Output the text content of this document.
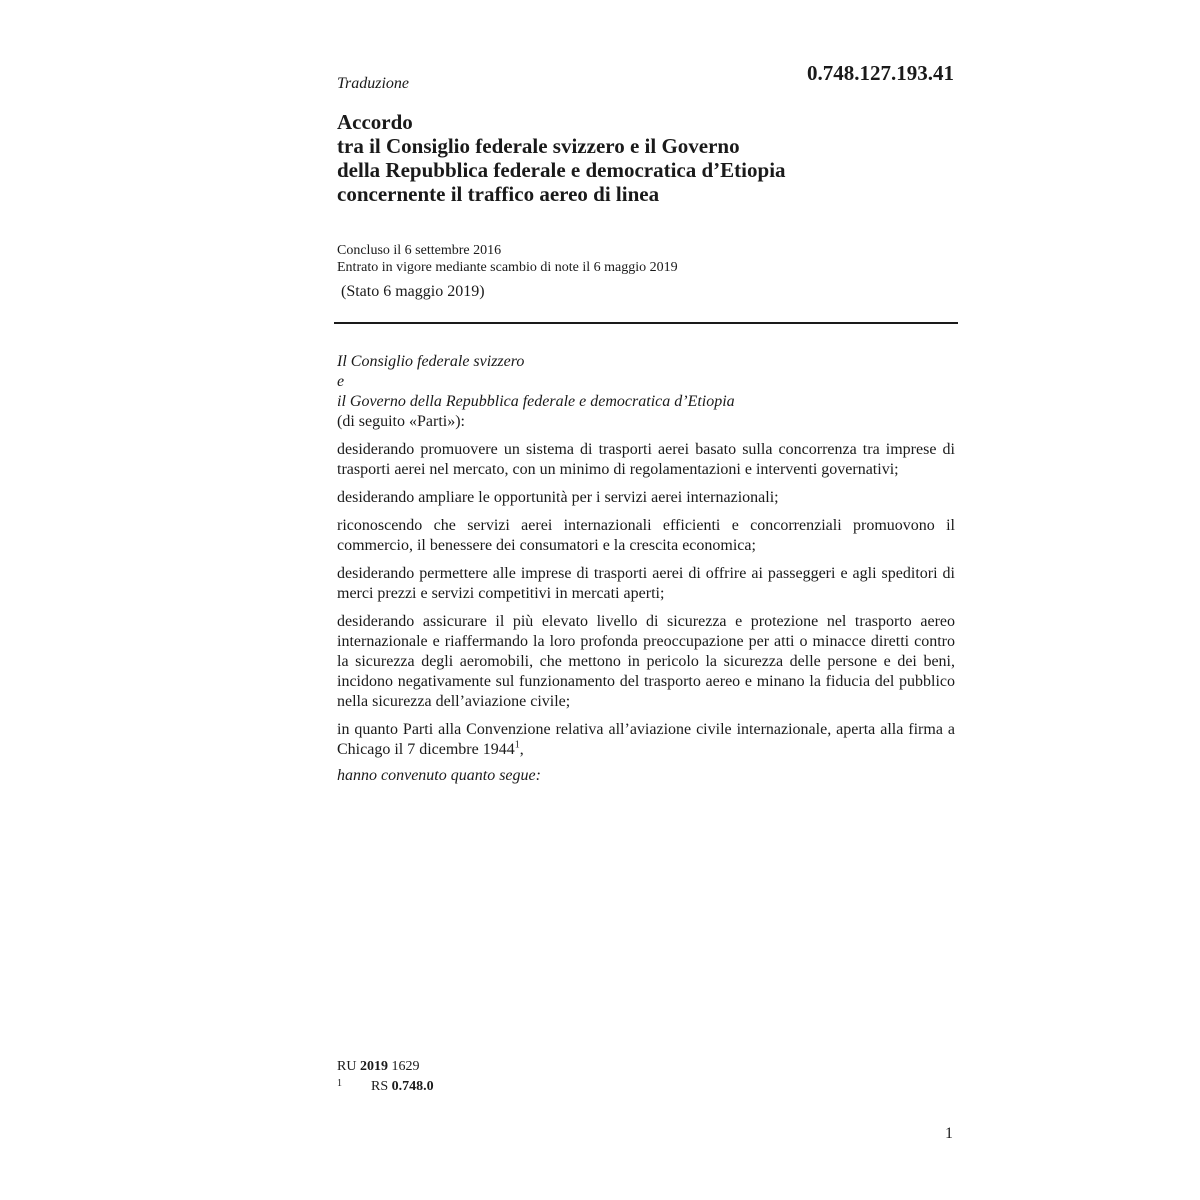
Traduzione	0.748.127.193.41
Accordo
tra il Consiglio federale svizzero e il Governo
della Repubblica federale e democratica d’Etiopia
concernente il traffico aereo di linea
Concluso il 6 settembre 2016
Entrato in vigore mediante scambio di note il 6 maggio 2019
(Stato 6 maggio 2019)
Il Consiglio federale svizzero
e
il Governo della Repubblica federale e democratica d’Etiopia
(di seguito «Parti»):
desiderando promuovere un sistema di trasporti aerei basato sulla concorrenza tra imprese di trasporti aerei nel mercato, con un minimo di regolamentazioni e interventi governativi;
desiderando ampliare le opportunità per i servizi aerei internazionali;
riconoscendo che servizi aerei internazionali efficienti e concorrenziali promuovono il commercio, il benessere dei consumatori e la crescita economica;
desiderando permettere alle imprese di trasporti aerei di offrire ai passeggeri e agli speditori di merci prezzi e servizi competitivi in mercati aperti;
desiderando assicurare il più elevato livello di sicurezza e protezione nel trasporto aereo internazionale e riaffermando la loro profonda preoccupazione per atti o minacce diretti contro la sicurezza degli aeromobili, che mettono in pericolo la sicurezza delle persone e dei beni, incidono negativamente sul funzionamento del trasporto aereo e minano la fiducia del pubblico nella sicurezza dell’aviazione civile;
in quanto Parti alla Convenzione relativa all’aviazione civile internazionale, aperta alla firma a Chicago il 7 dicembre 1944$^1$,
hanno convenuto quanto segue:
RU 2019 1629
1 RS 0.748.0
1
